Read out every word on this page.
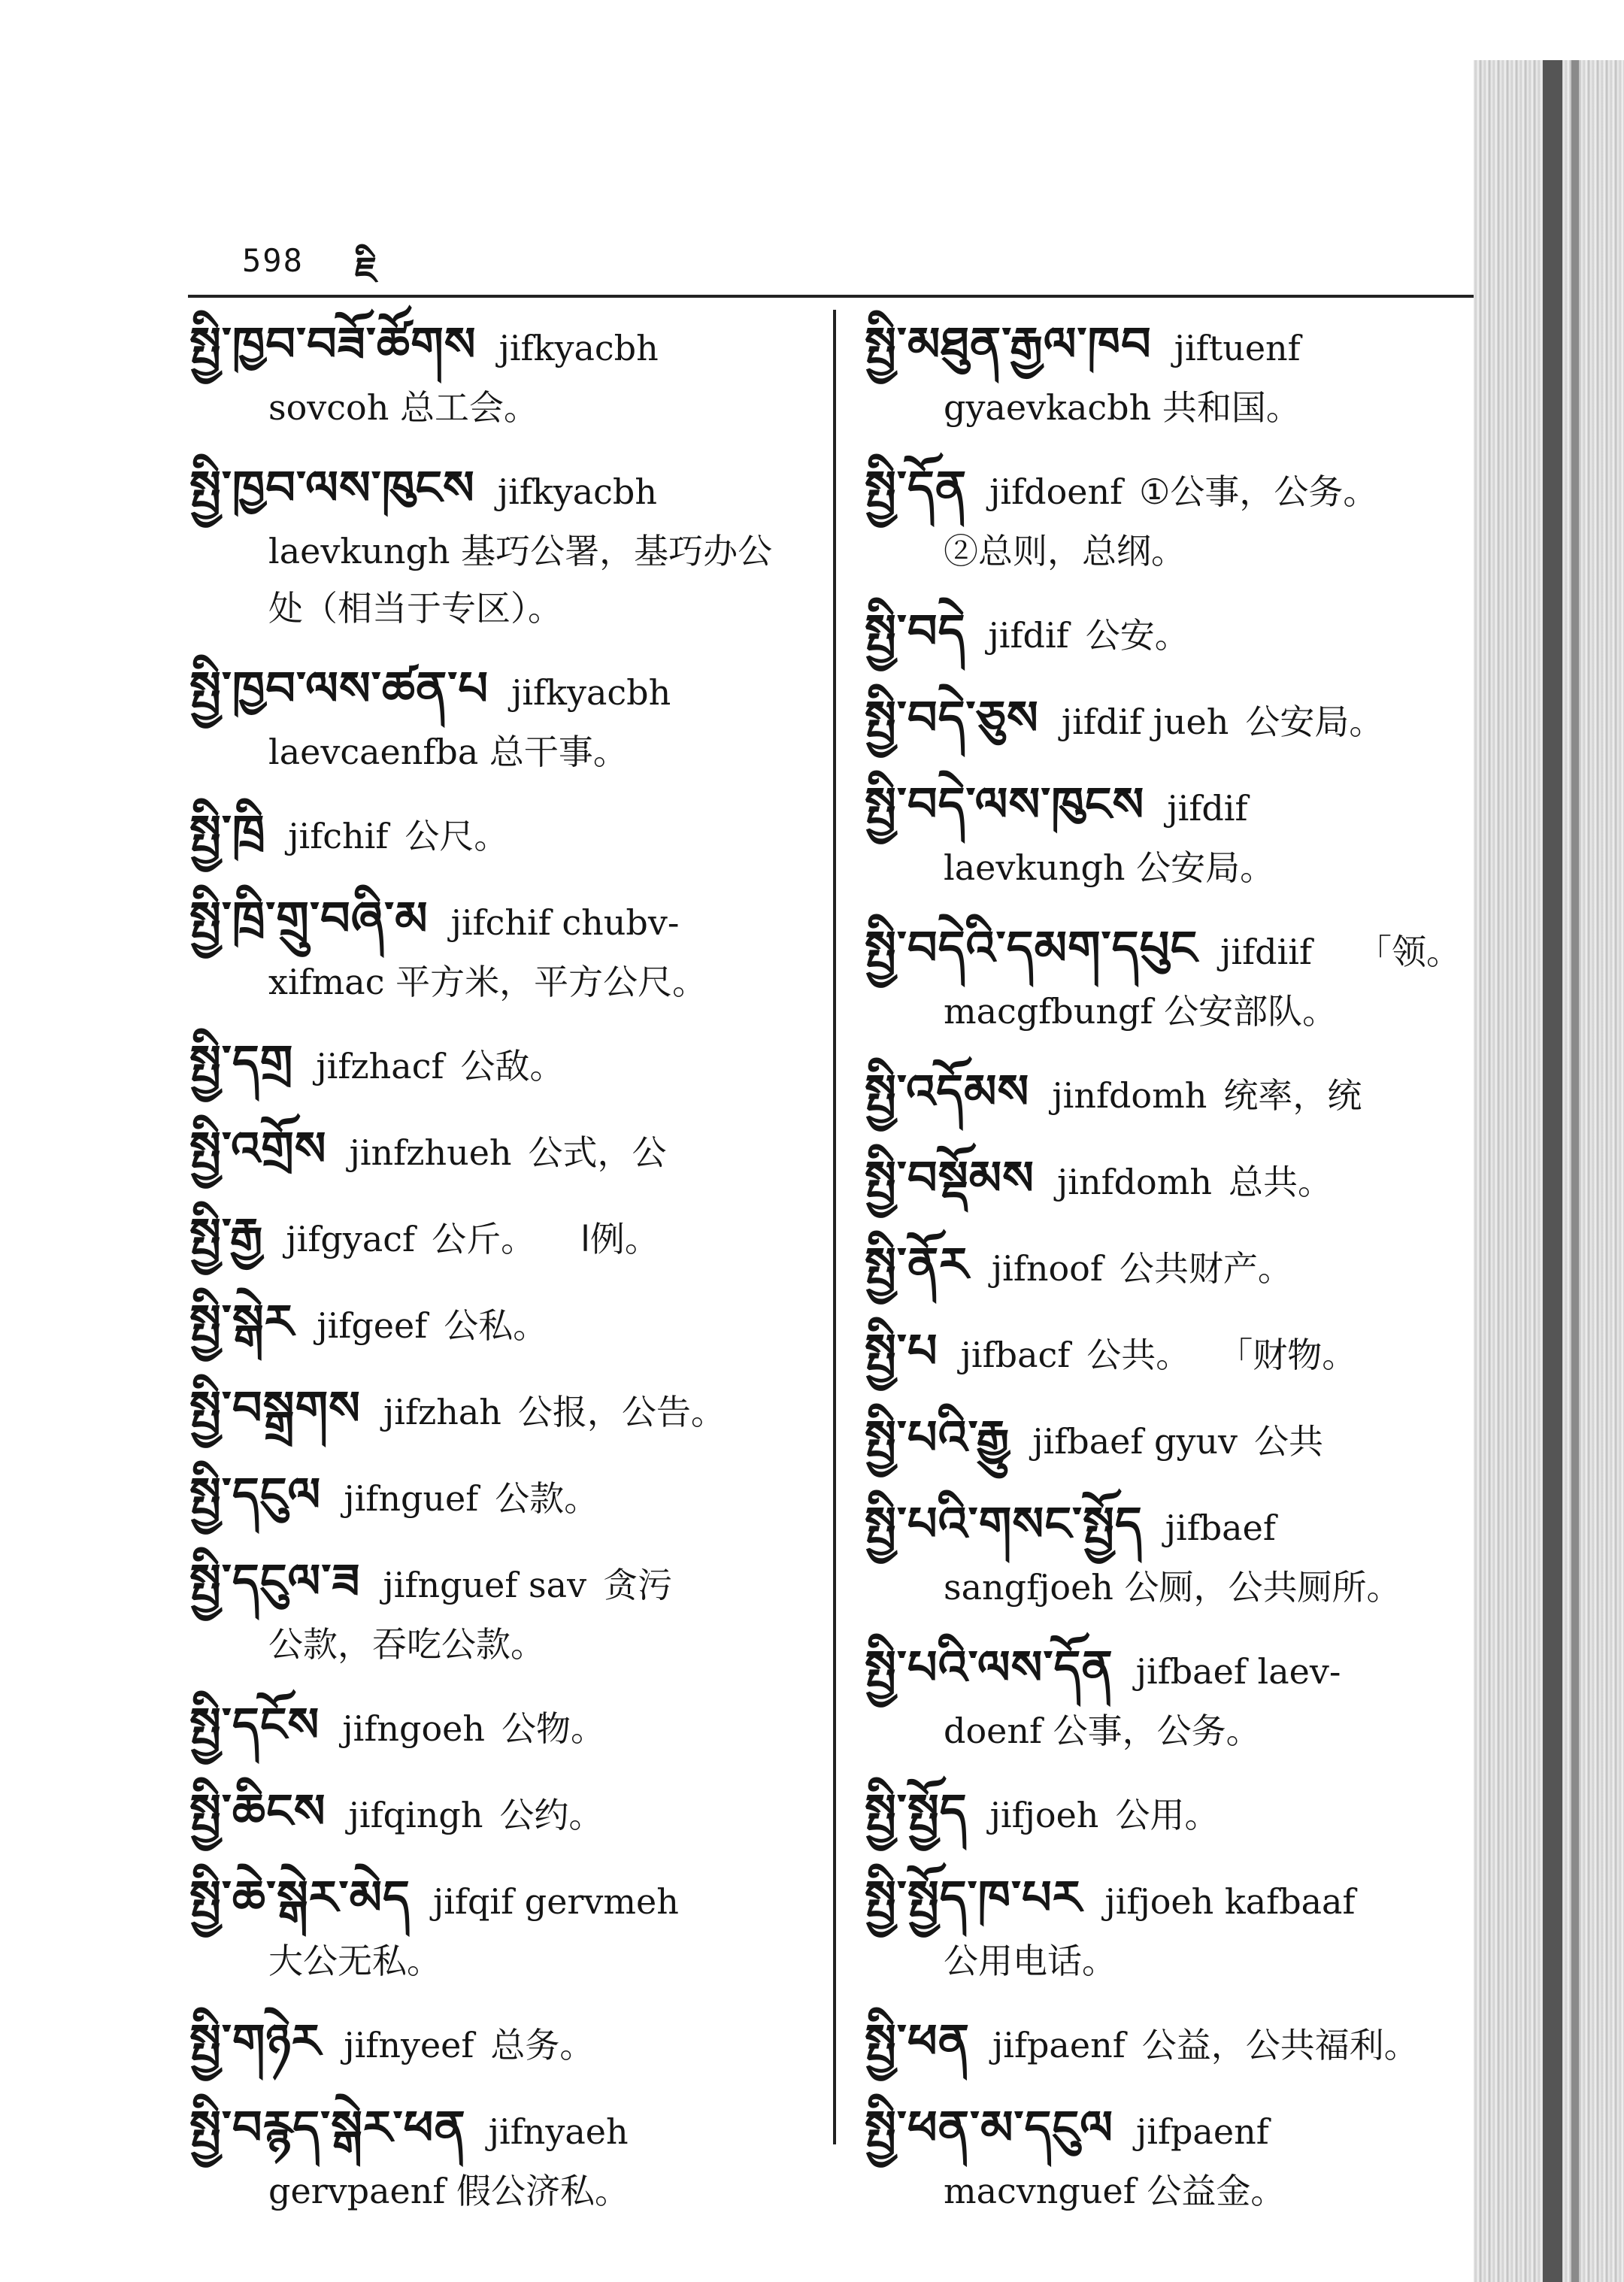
598 ཇི
སྤྱི་ཁྱབ་བཟོ་ཚོགས jifkyacbh
sovcoh 总工会。
སྤྱི་ཁྱབ་ལས་ཁུངས jifkyacbh
laevkungh 基巧公署，基巧办公
处（相当于专区）。
སྤྱི་ཁྱབ་ལས་ཚན་པ jifkyacbh
laevcaenfba 总干事。
སྤྱི་ཁྲི jifchif 公尺。
སྤྱི་ཁྲི་གྲུ་བཞི་མ jifchif chubv-
xifmac 平方米，平方公尺。
སྤྱི་དགྲ jifzhacf 公敌。
སྤྱི་འགྲོས jinfzhueh 公式，公
སྤྱི་རྒྱ jifgyacf 公斤。 l例。
སྤྱི་སྒེར jifgeef 公私。
སྤྱི་བསྒྲགས jifzhah 公报，公告。
སྤྱི་དངུལ jifnguef 公款。
སྤྱི་དངུལ་ཟ jifnguef sav 贪污
公款，吞吃公款。
སྤྱི་དངོས jifngoeh 公物。
སྤྱི་ཆིངས jifqingh 公约。
སྤྱི་ཆེ་སྒེར་མེད jifqif gervmeh
大公无私。
སྤྱི་གཉེར jifnyeef 总务。
སྤྱི་བརྙད་སྒེར་ཕན jifnyaeh
gervpaenf 假公济私。
སྤྱི་མཐུན་རྒྱལ་ཁབ jiftuenf
gyaevkacbh 共和国。
སྤྱི་དོན jifdoenf ①公事，公务。
②总则，总纲。
སྤྱི་བདེ jifdif 公安。
སྤྱི་བདེ་ཅུས jifdif jueh 公安局。
སྤྱི་བདེ་ལས་ཁུངས jifdif
laevkungh 公安局。
སྤྱི་བདེའི་དམག་དཔུང jifdiif 「领。
macgfbungf 公安部队。
སྤྱི་འདོམས jinfdomh 统率，统
སྤྱི་བསྡོམས jinfdomh 总共。
སྤྱི་ནོར jifnoof 公共财产。
སྤྱི་པ jifbacf 公共。 「财物。
སྤྱི་པའི་རྒྱུ jifbaef gyuv 公共
སྤྱི་པའི་གསང་སྤྱོད jifbaef
sangfjoeh 公厕，公共厕所。
སྤྱི་པའི་ལས་དོན jifbaef laev-
doenf 公事，公务。
སྤྱི་སྤྱོད jifjoeh 公用。
སྤྱི་སྤྱོད་ཁ་པར jifjoeh kafbaaf
公用电话。
སྤྱི་ཕན jifpaenf 公益，公共福利。
སྤྱི་ཕན་མ་དངུལ jifpaenf
macvnguef 公益金。
